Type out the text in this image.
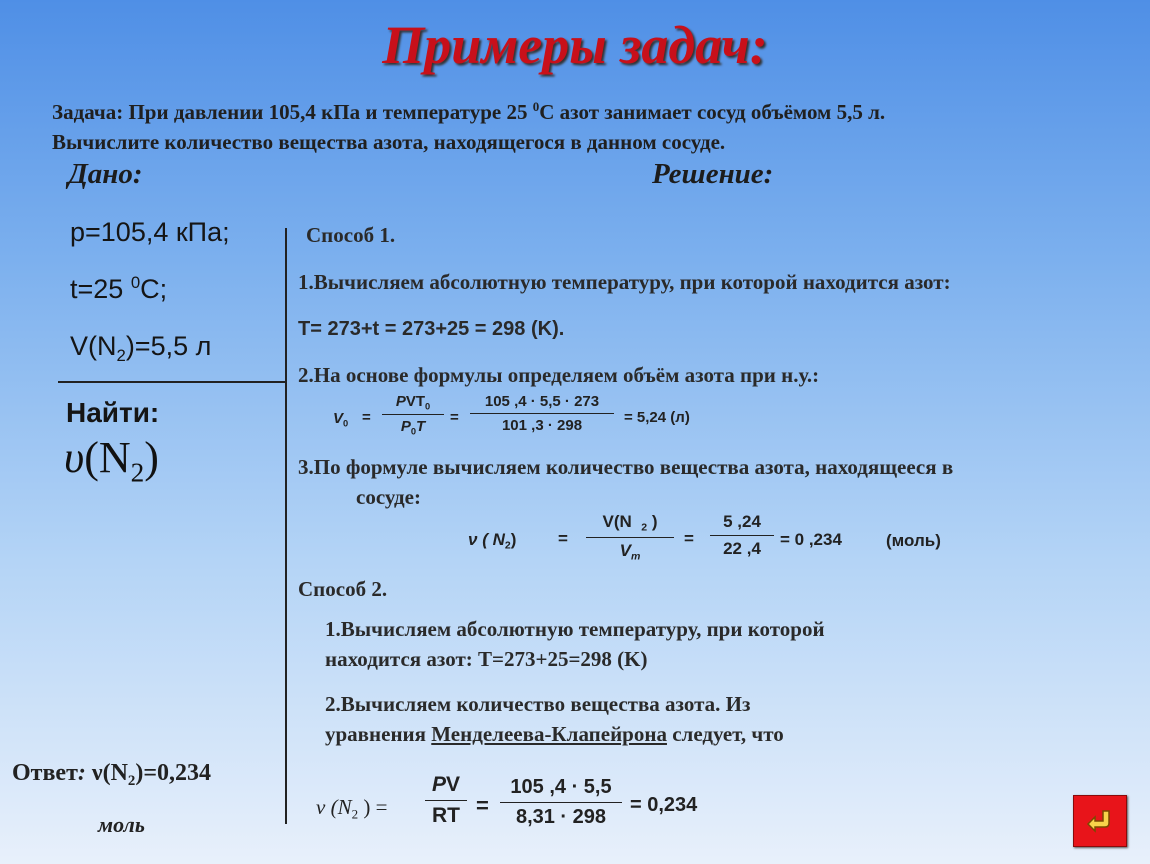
Примеры задач:
Задача: При давлении 105,4 кПа и температуре 25 $^0$С азот занимает сосуд объёмом 5,5 л.
Вычислите количество вещества азота, находящегося в данном сосуде.
Дано:	Решение:
p=105,4 кПа;
t=25 $^0$C;
$V(N_2)=5,5$ л
Найти:
$\upsilon(N_2)$
Ответ: $\nu(N_2)=0,234$
моль
Способ 1.
1.Вычисляем абсолютную температуру, при которой находится азот:
T= 273+t = 273+25 = 298 (K).
2.На основе формулы определяем объём азота при н.у.:
$V_0$ =
$PVT_0$
$P_0T$
=
105 ,4 · 5,5 · 273
101 ,3 · 298	= 5,24 (л)
3.По формуле вычисляем количество вещества азота, находящееся в
сосуде:
ν ( $N_2$) =
V(N $_2$ )
$V_m$
=
5 ,24
22 ,4 = 0 ,234	(моль)
Способ 2.
1.Вычисляем абсолютную температуру, при которой
находится азот: T=273+25=298 (K)
2.Вычисляем количество вещества азота. Из
уравнения Менделеева-Клапейрона следует, что
ν ($N_2$ ) =
PV
RT =
105 ,4 · 5,5
8,31 · 298
= 0,234
